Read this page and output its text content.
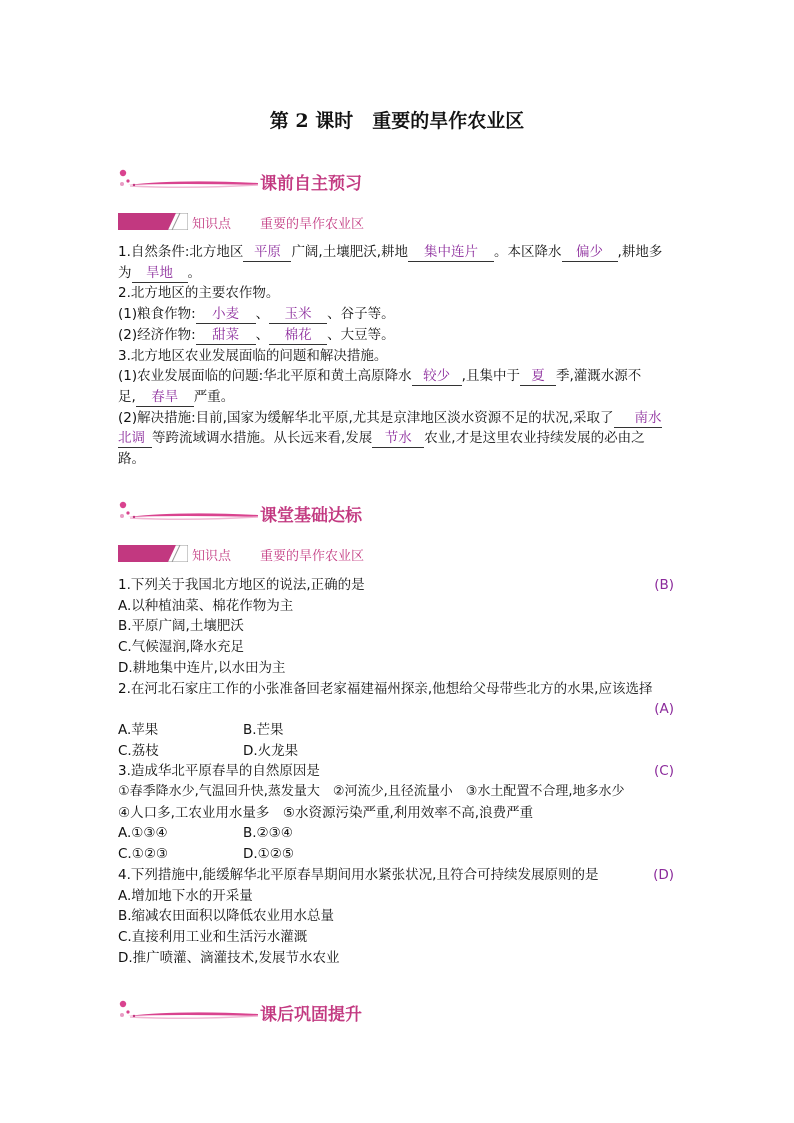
第 2 课时　重要的旱作农业区
课前自主预习
知识点 重要的旱作农业区

1.自然条件:北方地区 平原 广阔,土壤肥沃,耕地 集中连片 。本区降水 偏少 ,耕地多

为 旱地 。

2.北方地区的主要农作物。

(1)粮食作物: 小麦 、 玉米 、谷子等。

(2)经济作物: 甜菜 、 棉花 、大豆等。

3.北方地区农业发展面临的问题和解决措施。

(1)农业发展面临的问题:华北平原和黄土高原降水 较少 ,且集中于 夏 季,灌溉水源不

足, 春旱 严重。

(2)解决措施:目前,国家为缓解华北平原,尤其是京津地区淡水资源不足的状况,采取了 南水

北调 等跨流域调水措施。从长远来看,发展 节水 农业,才是这里农业持续发展的必由之

路。

课堂基础达标
知识点 重要的旱作农业区
1.下列关于我国北方地区的说法,正确的是	(B)
A.以种植油菜、棉花作物为主
B.平原广阔,土壤肥沃
C.气候湿润,降水充足
D.耕地集中连片,以水田为主
2.在河北石家庄工作的小张准备回老家福建福州探亲,他想给父母带些北方的水果,应该选择
(A)
A.苹果	B.芒果
C.荔枝	D.火龙果
3.造成华北平原春旱的自然原因是	(C)
①春季降水少,气温回升快,蒸发量大　②河流少,且径流量小　③水土配置不合理,地多水少
④人口多,工农业用水量多　⑤水资源污染严重,利用效率不高,浪费严重
A.①③④	B.②③④
C.①②③	D.①②⑤
4.下列措施中,能缓解华北平原春旱期间用水紧张状况,且符合可持续发展原则的是	(D)
A.增加地下水的开采量
B.缩减农田面积以降低农业用水总量
C.直接利用工业和生活污水灌溉
D.推广喷灌、滴灌技术,发展节水农业
课后巩固提升
